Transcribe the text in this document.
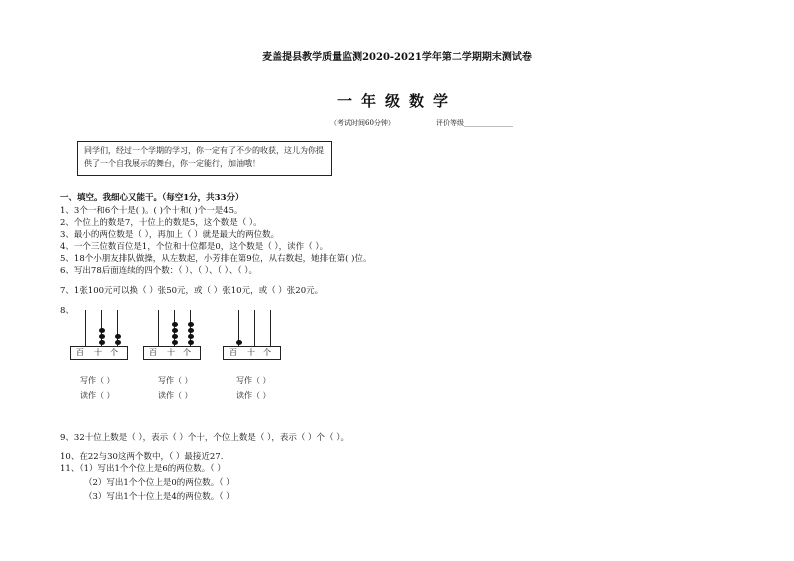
麦盖提县教学质量监测2020-2021学年第二学期期末测试卷
一年级数学
（考试时间60分钟）	评价等级______________
同学们，经过一个学期的学习，你一定有了不少的收获，这儿为你提供了一个自我展示的舞台，你一定能行，加油哦！
一、填空。我细心又能干。（每空1分，共33分）
1、3个一和6个十是( )。( )个十和( )个一是45。
2、个位上的数是7，十位上的数是5，这个数是（ ）。
3、最小的两位数是（ ），再加上（ ）就是最大的两位数。
4、一个三位数百位是1，个位和十位都是0，这个数是（ ），读作（ ）。
5、18个小朋友排队做操，从左数起，小芳排在第9位，从右数起，她排在第( )位。
6、写出78后面连续的四个数：（ ）、（ ）、（ ）、（ ）。
7、1张100元可以换（ ）张50元，或（ ）张10元，或（ ）张20元。
8、
百 十 个	百 十 个	百 十 个
写作（ ）
读作（ ）
写作（ ）
读作（ ）
写作（ ）
读作（ ）
9、32十位上数是（ ），表示（ ）个十，个位上数是（ ），表示（ ）个（ ）。
10、在22与30这两个数中，（ ）最接近27.
11、（1）写出1个个位上是6的两位数。（ ）
（2）写出1个个位上是0的两位数。（ ）
（3）写出1个十位上是4的两位数。（ ）
